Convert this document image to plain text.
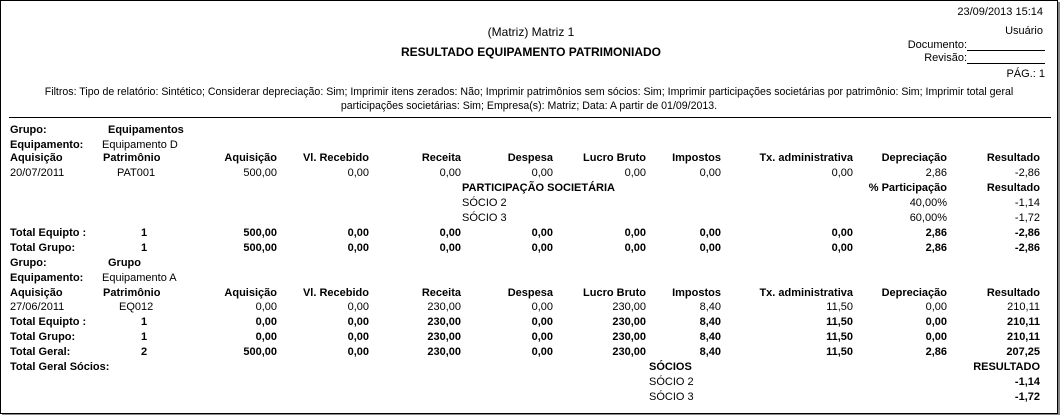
23/09/2013 15:14
Usuário
(Matriz) Matriz 1
RESULTADO EQUIPAMENTO PATRIMONIADO	Documento:
Revisão:
PÁG.: 1
Filtros: Tipo de relatório: Sintético; Considerar depreciação: Sim; Imprimir itens zerados: Não; Imprimir patrimônios sem sócios: Sim; Imprimir participações societárias por patrimônio: Sim; Imprimir total geral
participações societárias: Sim; Empresa(s): Matriz; Data: A partir de 01/09/2013.
Grupo:	Equipamentos
Equipamento: Equipamento D
Aquisição	Patrimônio	Aquisição	Vl. Recebido	Receita	Despesa	Lucro Bruto	Impostos	Tx. administrativa	Depreciação	Resultado
20/07/2011	PAT001	500,00	0,00	0,00	0,00	0,00	0,00	0,00	2,86	-2,86
PARTICIPAÇÃO SOCIETÁRIA	% Participação	Resultado
SÓCIO 2	40,00%	-1,14
SÓCIO 3	60,00%	-1,72
Total Equipto :	1	500,00	0,00	0,00	0,00	0,00	0,00	0,00	2,86	-2,86
Total Grupo:	1	500,00	0,00	0,00	0,00	0,00	0,00	0,00	2,86	-2,86
Grupo:	Grupo
Equipamento: Equipamento A
Aquisição	Patrimônio	Aquisição	Vl. Recebido	Receita	Despesa	Lucro Bruto	Impostos	Tx. administrativa	Depreciação	Resultado
27/06/2011	EQ012	0,00	0,00	230,00	0,00	230,00	8,40	11,50	0,00	210,11
Total Equipto :	1	0,00	0,00	230,00	0,00	230,00	8,40	11,50	0,00	210,11
Total Grupo:	1	0,00	0,00	230,00	0,00	230,00	8,40	11,50	0,00	210,11
Total Geral:	2	500,00	0,00	230,00	0,00	230,00	8,40	11,50	2,86	207,25
Total Geral Sócios:	SÓCIOS	RESULTADO
SÓCIO 2	-1,14
SÓCIO 3	-1,72
